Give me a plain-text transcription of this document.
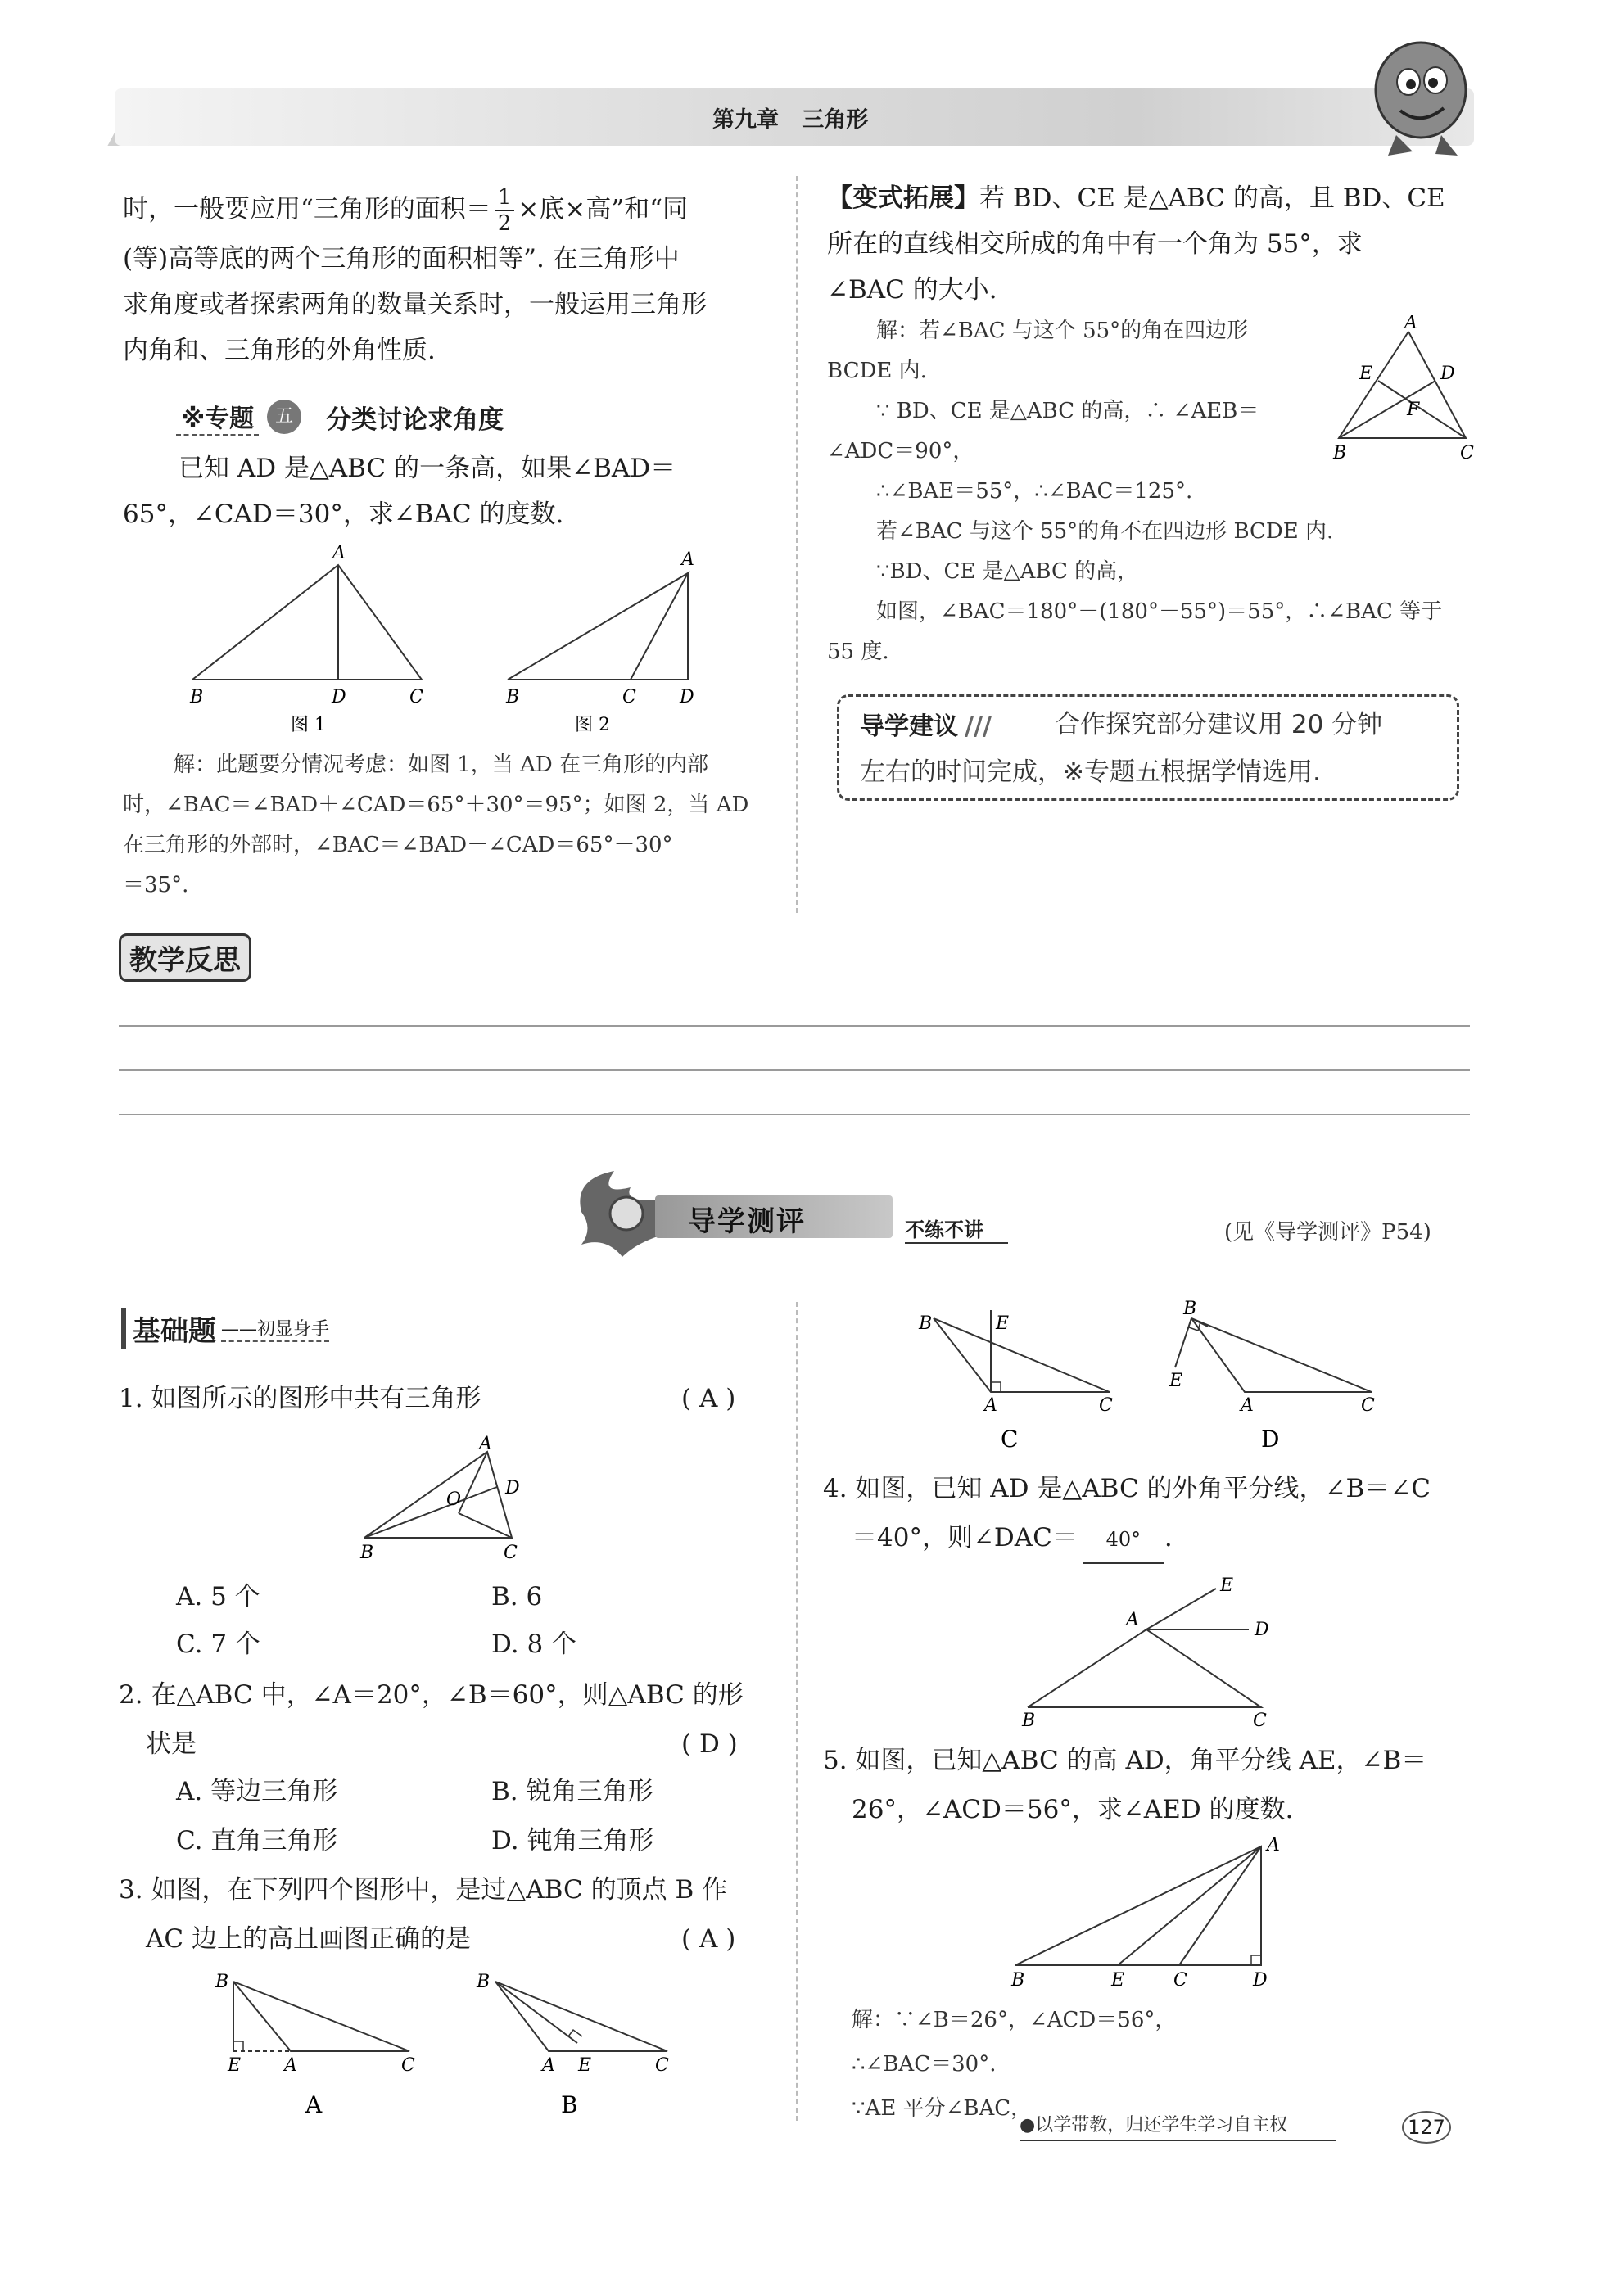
第九章 三角形
时，一般要应用“三角形的面积＝ $\frac{1}{2}$ ×底×高”和“同
(等)高等底的两个三角形的面积相等”. 在三角形中
求角度或者探索两角的数量关系时，一般运用三角形
内角和、三角形的外角性质.
※专题	五	分类讨论求角度
已知 AD 是△ABC 的一条高，如果∠BAD＝
65°，∠CAD＝30°，求∠BAC 的度数.
A
B	D	C
图 1
A
B	C D
图 2
解：此题要分情况考虑：如图 1，当 AD 在三角形的内部
时，∠BAC＝∠BAD＋∠CAD＝65°＋30°＝95°；如图 2，当 AD
在三角形的外部时，∠BAC＝∠BAD－∠CAD＝65°－30°
＝35°.
【变式拓展】若 BD、CE 是△ABC 的高，且 BD、CE
所在的直线相交所成的角中有一个角为 55°，求
∠BAC 的大小.
解：若∠BAC 与这个 55°的角在四边形
BCDE 内.
∵ BD、CE 是△ABC 的高，∴ ∠AEB＝
∠ADC＝90°，
∴∠BAE＝55°，∴∠BAC＝125°.
若∠BAC 与这个 55°的角不在四边形 BCDE 内.
∵BD、CE 是△ABC 的高，
如图，∠BAC＝180°－(180°－55°)＝55°，∴∠BAC 等于
55 度.
A
E	D
F
B	C
导学建议 ///	合作探究部分建议用 20 分钟
左右的时间完成，※专题五根据学情选用.
教学反思
导学测评	不练不讲	(见《导学测评》P54)
基础题 ——初显身手
1. 如图所示的图形中共有三角形	( A )
A
O
D
B	C
A. 5 个	B. 6
C. 7 个	D. 8 个
2. 在△ABC 中，∠A＝20°，∠B＝60°，则△ABC 的形
状是	( D )
A. 等边三角形	B. 锐角三角形
C. 直角三角形	D. 钝角三角形
3. 如图，在下列四个图形中，是过△ABC 的顶点 B 作
AC 边上的高且画图正确的是	( A )
B
E A	C
A
B
A E	C
B
B	E
A	C
C
B
E
A	C
D
4. 如图，已知 AD 是△ABC 的外角平分线，∠B＝∠C
＝40°，则∠DAC＝ 40° .
E
A	D
B	C
5. 如图，已知△ABC 的高 AD，角平分线 AE，∠B＝
26°，∠ACD＝56°，求∠AED 的度数.
A
B	E	C	D
解：∵∠B＝26°，∠ACD＝56°，
∴∠BAC＝30°.
∵AE 平分∠BAC，
●以学带教，归还学生学习自主权	127
